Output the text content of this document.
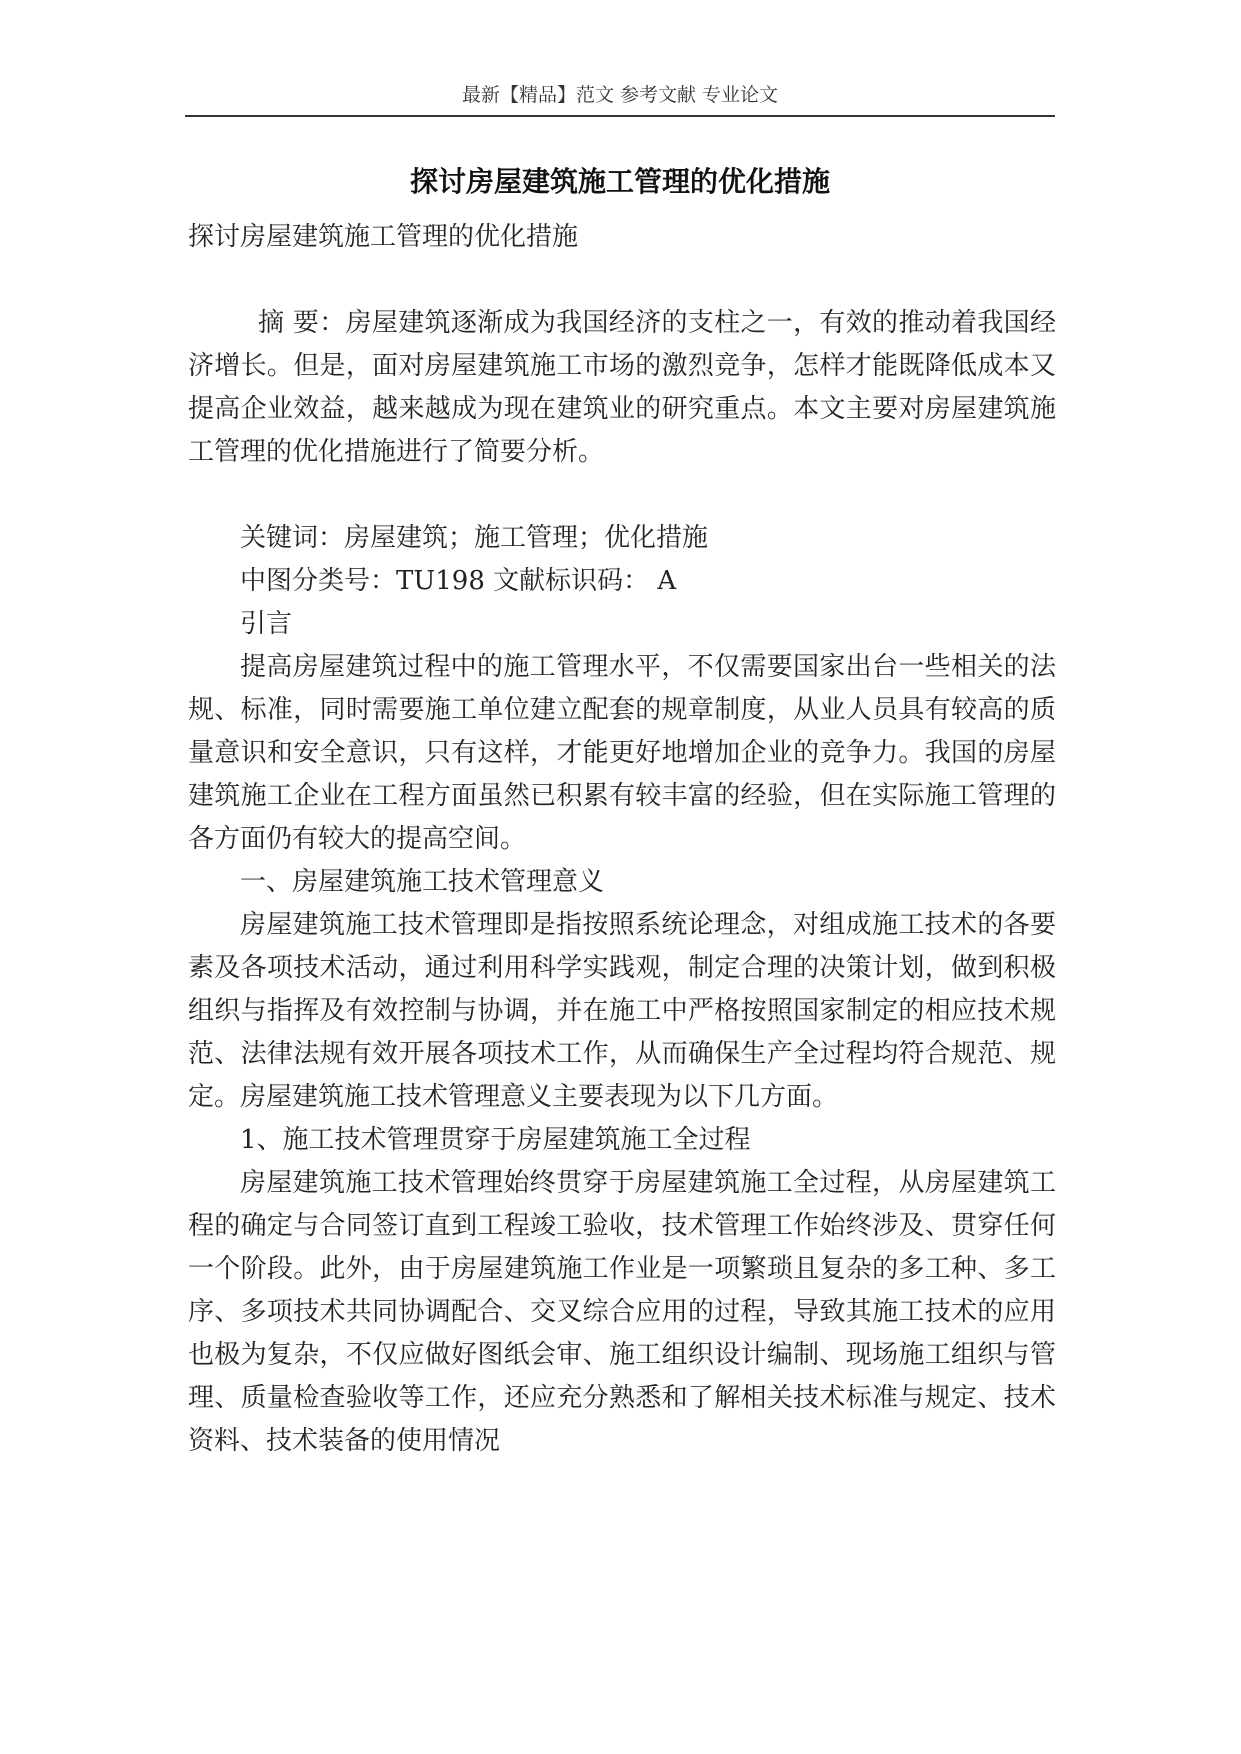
最新【精品】范文 参考文献 专业论文
探讨房屋建筑施工管理的优化措施

探讨房屋建筑施工管理的优化措施

摘 要：房屋建筑逐渐成为我国经济的支柱之一，有效的推动着我国经济增长。但是，面对房屋建筑施工市场的激烈竞争，怎样才能既降低成本又提高企业效益，越来越成为现在建筑业的研究重点。本文主要对房屋建筑施工管理的优化措施进行了简要分析。

关键词：房屋建筑；施工管理；优化措施

中图分类号：TU198 文献标识码： A

引言

提高房屋建筑过程中的施工管理水平，不仅需要国家出台一些相关的法规、标准，同时需要施工单位建立配套的规章制度，从业人员具有较高的质量意识和安全意识，只有这样，才能更好地增加企业的竞争力。我国的房屋建筑施工企业在工程方面虽然已积累有较丰富的经验，但在实际施工管理的各方面仍有较大的提高空间。

一、房屋建筑施工技术管理意义

房屋建筑施工技术管理即是指按照系统论理念，对组成施工技术的各要素及各项技术活动，通过利用科学实践观，制定合理的决策计划，做到积极组织与指挥及有效控制与协调，并在施工中严格按照国家制定的相应技术规范、法律法规有效开展各项技术工作，从而确保生产全过程均符合规范、规定。房屋建筑施工技术管理意义主要表现为以下几方面。

1、施工技术管理贯穿于房屋建筑施工全过程

房屋建筑施工技术管理始终贯穿于房屋建筑施工全过程，从房屋建筑工程的确定与合同签订直到工程竣工验收，技术管理工作始终涉及、贯穿任何一个阶段。此外，由于房屋建筑施工作业是一项繁琐且复杂的多工种、多工序、多项技术共同协调配合、交叉综合应用的过程，导致其施工技术的应用也极为复杂，不仅应做好图纸会审、施工组织设计编制、现场施工组织与管理、质量检查验收等工作，还应充分熟悉和了解相关技术标准与规定、技术资料、技术装备的使用情况
